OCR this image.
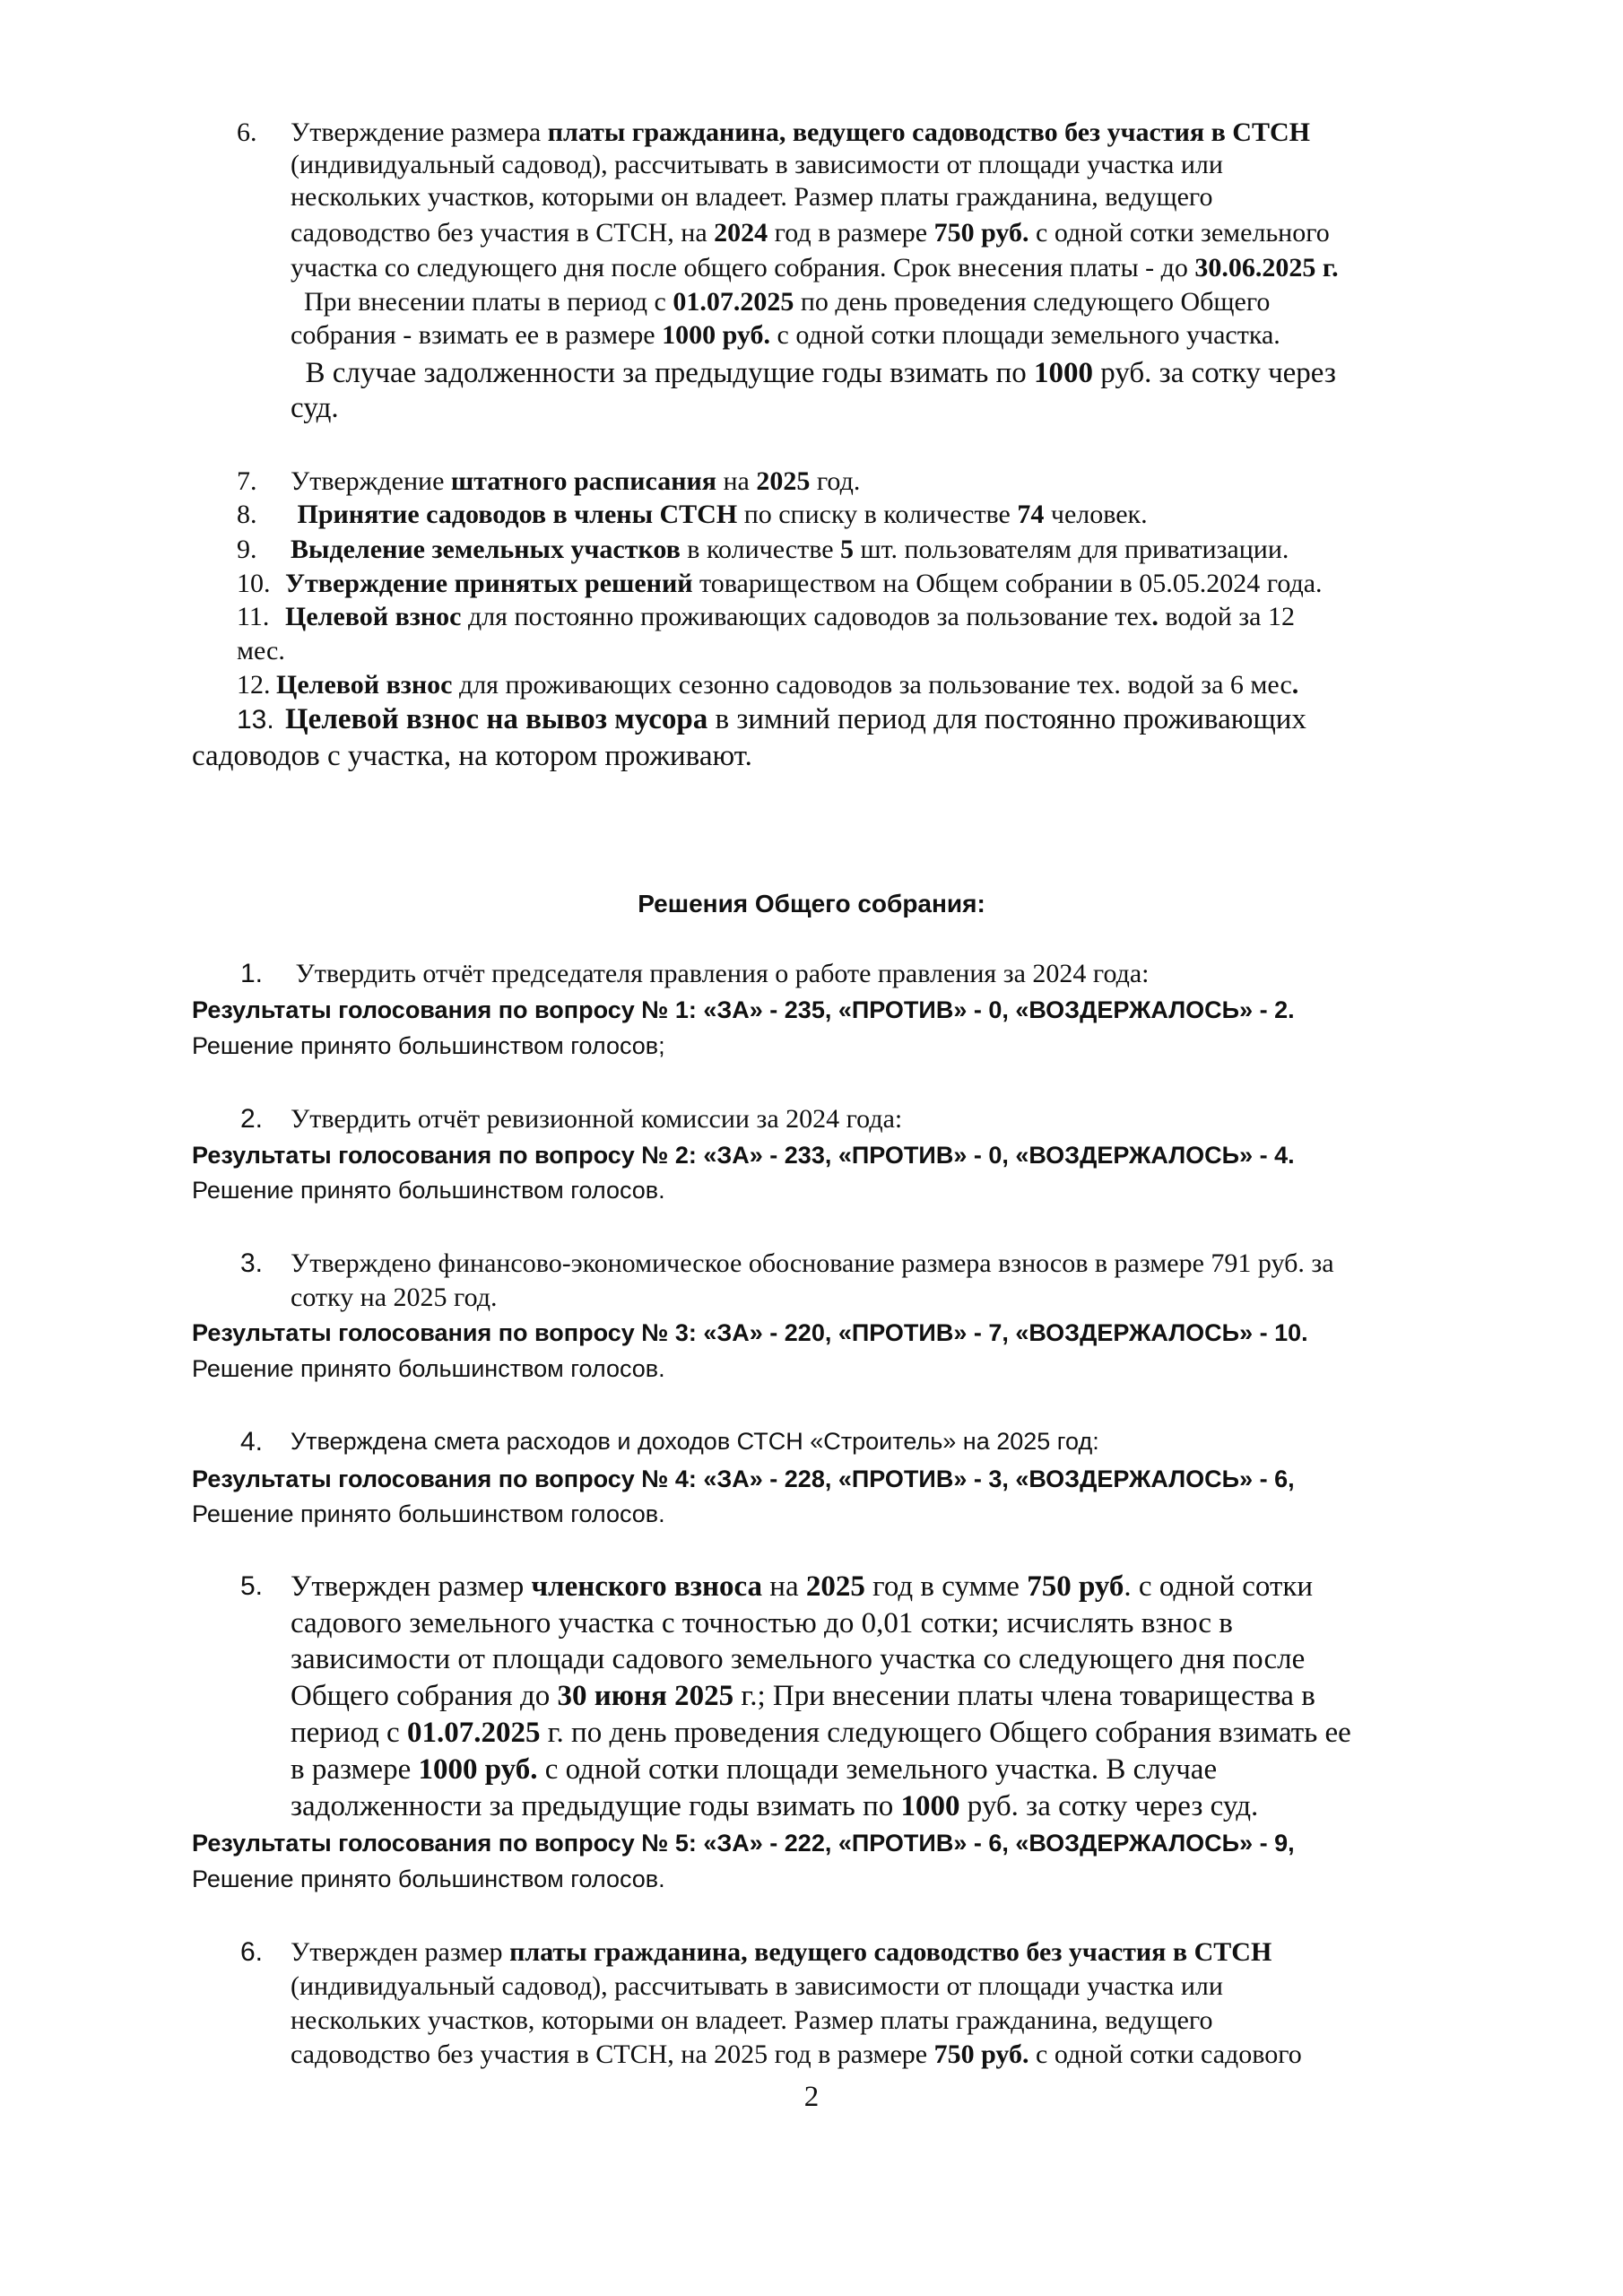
6. Утверждение размера платы гражданина, ведущего садоводство без участия в СТСН
(индивидуальный садовод), рассчитывать в зависимости от площади участка или
нескольких участков, которыми он владеет. Размер платы гражданина, ведущего
садоводство без участия в СТСН, на 2024 год в размере 750 руб. с одной сотки земельного
участка со следующего дня после общего собрания. Срок внесения платы - до 30.06.2025 г.
При внесении платы в период с 01.07.2025 по день проведения следующего Общего
собрания - взимать ее в размере 1000 руб. с одной сотки площади земельного участка.
В случае задолженности за предыдущие годы взимать по 1000 руб. за сотку через
суд.
7. Утверждение штатного расписания на 2025 год.
8. Принятие садоводов в члены СТСН по списку в количестве 74 человек.
9. Выделение земельных участков в количестве 5 шт. пользователям для приватизации.
10. Утверждение принятых решений товариществом на Общем собрании в 05.05.2024 года.
11. Целевой взнос для постоянно проживающих садоводов за пользование тех. водой за 12
мес.
12. Целевой взнос для проживающих сезонно садоводов за пользование тех. водой за 6 мес.
13. Целевой взнос на вывоз мусора в зимний период для постоянно проживающих
садоводов с участка, на котором проживают.
Решения Общего собрания:
1. Утвердить отчёт председателя правления о работе правления за 2024 года:
Результаты голосования по вопросу № 1: «ЗА» - 235, «ПРОТИВ» - 0, «ВОЗДЕРЖАЛОСЬ» - 2.
Решение принято большинством голосов;
2. Утвердить отчёт ревизионной комиссии за 2024 года:
Результаты голосования по вопросу № 2: «ЗА» - 233, «ПРОТИВ» - 0, «ВОЗДЕРЖАЛОСЬ» - 4.
Решение принято большинством голосов.
3. Утверждено финансово-экономическое обоснование размера взносов в размере 791 руб. за
сотку на 2025 год.
Результаты голосования по вопросу № 3: «ЗА» - 220, «ПРОТИВ» - 7, «ВОЗДЕРЖАЛОСЬ» - 10.
Решение принято большинством голосов.
4. Утверждена смета расходов и доходов СТСН «Строитель» на 2025 год:
Результаты голосования по вопросу № 4: «ЗА» - 228, «ПРОТИВ» - 3, «ВОЗДЕРЖАЛОСЬ» - 6,
Решение принято большинством голосов.
5. Утвержден размер членского взноса на 2025 год в сумме 750 руб. с одной сотки
садового земельного участка с точностью до 0,01 сотки; исчислять взнос в
зависимости от площади садового земельного участка со следующего дня после
Общего собрания до 30 июня 2025 г.; При внесении платы члена товарищества в
период с 01.07.2025 г. по день проведения следующего Общего собрания взимать ее
в размере 1000 руб. с одной сотки площади земельного участка. В случае
задолженности за предыдущие годы взимать по 1000 руб. за сотку через суд.
Результаты голосования по вопросу № 5: «ЗА» - 222, «ПРОТИВ» - 6, «ВОЗДЕРЖАЛОСЬ» - 9,
Решение принято большинством голосов.
6. Утвержден размер платы гражданина, ведущего садоводство без участия в СТСН
(индивидуальный садовод), рассчитывать в зависимости от площади участка или
нескольких участков, которыми он владеет. Размер платы гражданина, ведущего
садоводство без участия в СТСН, на 2025 год в размере 750 руб. с одной сотки садового
2
